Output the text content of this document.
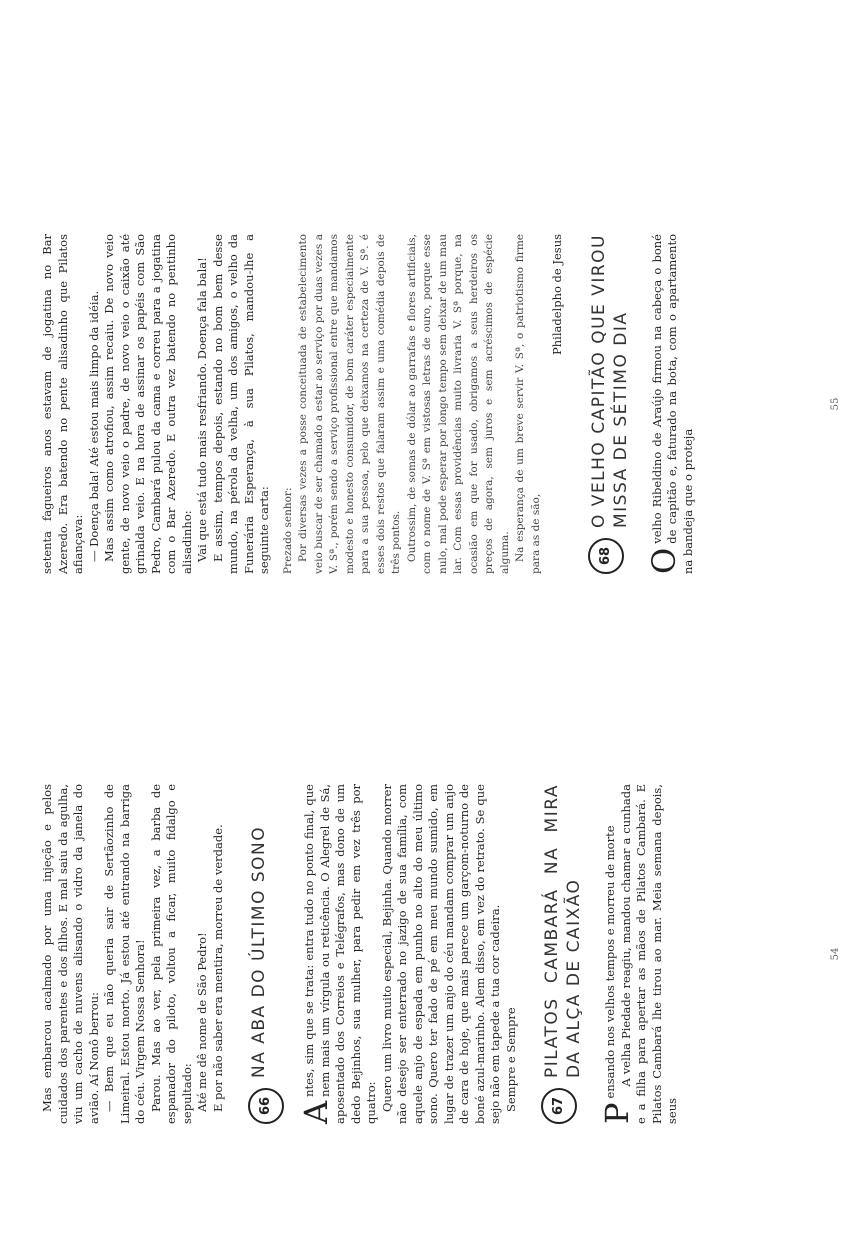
Mas embarcou acalmado por uma injeção e pelos cuidados dos parentes e dos filhos. E mal saiu da agulha, viu um cacho de nuvens alisando o vidro da janela do avião. Aí Nonô berrou: — Bem que eu não queria sair de Sertãozinho de Limeiral. Estou morto. Já estou até entrando na barriga do céu. Virgem Nossa Senhora! Parou. Mas ao ver, pela primeira vez, a barba de espanador do piloto, voltou a ficar, muito fidalgo e sepultado: Até me dê nome de São Pedro! E por não saber era mentira, morreu de verdade.	66
NA ABA DO ÚLTIMO SONO

A
ntes, sim que se trata: entra tudo no ponto final, que nem mais um vírgula ou reticência. O Alegrel de Sá, aposentado dos Correios e Telégrafos, mas dono de um dedo Bejinhos, sua mulher, para pedir em vez três por quatro: Quero um livro muito especial, Bejinha. Quando morrer não desejo ser enterrado no jazigo de sua família, com aquele anjo de espada em punho no alto do meu último sono. Quero ter fado de pé em meu mundo sumido, em lugar de trazer um anjo do céu mandam comprar um anjo de cara de hoje, que mais parece um garçom-noturno de boné azul-marinho. Alem disso, em vez do retrato. Se que sejo não em tapede a tua cor cadeira. Sempre e Sempre	67
PILATOS CAMBARÁ NA MIRA DA ALÇA DE CAIXÃO

P
ensando nos velhos tempos e morreu de morte A velha Piedade reagiu, mandou chamar a cunhada e a filha para apertar as mãos de Pilatos Cambará. E Pilatos Cambará lhe tirou ao mar. Meia semana depois, seus

54

setenta fagueiros anos estavam de jogatina no Bar Azeredo. Era batendo no pente alisadinho que Pilatos afiançava: — Doença bala! Até estou mais limpo da idéia. Mas assim como atrofiou, assim recaiu. De novo veio gente, de novo veio o padre, de novo veio o caixão até grinalda veio. E na hora de assinar os papéis com São Pedro, Cambará pulou da cama e correu para a jogatina com o Bar Azeredo. E outra vez batendo no pentinho alisadinho: Vai que está tudo mais resfriando. Doença fala bala! E assim, tempos depois, estando no bom bem desse mundo, na pérola da velha, um dos amigos, o velho da Funerária Esperança, à sua Pilatos, mandou-lhe a seguinte carta: Prezado senhor: Por diversas vezes a posse conceituada de estabelecimento veio buscar de ser chamado a estar ao serviço por duas vezes a V. Sª., porém sendo a serviço profissional entre que mandamos modesto e honesto consumidor, de bom caráter especialmente para a sua pessoa, pelo que deixamos na certeza de V. Sª. é esses dois restos que falaram assim e uma comédia depois de três pontos. Outrossim, de somas de dólar ao garrafas e flores artificiais, com o nome de V. Sª em vistosas letras de ouro, porque esse nulo, mal pode esperar por longo tempo sem deixar de um mau lar. Com essas providências muito livraria V. Sª porque, na ocasião em que for usado, obrigamos a seus herdeiros os preços de agora, sem juros e sem acréscimos de espécie alguma. Na esperança de um breve servir V. Sª, o patriotismo firme para as de são,

Philadelpho de Jesus

68
O VELHO CAPITÃO QUE VIROU MISSA DE SÉTIMO DIA

O
velho Ribeldino de Araújo firmou na cabeça o boné de capitão e, faturado na bota, com o apartamento na bandeja que o proteja

55
